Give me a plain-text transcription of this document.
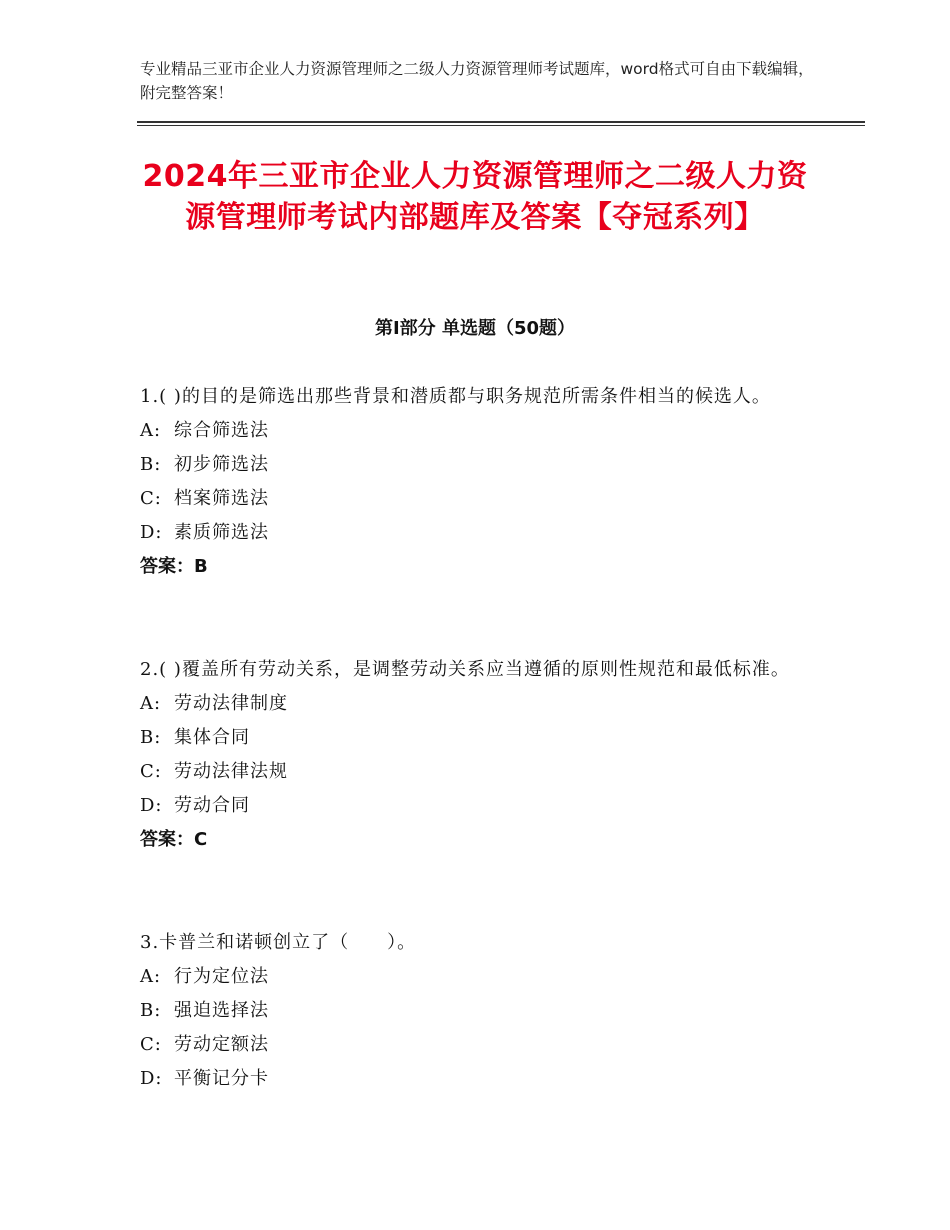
专业精品三亚市企业人力资源管理师之二级人力资源管理师考试题库，word格式可自由下载编辑，附完整答案！
2024年三亚市企业人力资源管理师之二级人力资源管理师考试内部题库及答案【夺冠系列】
第Ⅰ部分 单选题（50题）
1.( )的目的是筛选出那些背景和潜质都与职务规范所需条件相当的候选人。
A: 综合筛选法
B: 初步筛选法
C: 档案筛选法
D: 素质筛选法
答案：B
2.( )覆盖所有劳动关系，是调整劳动关系应当遵循的原则性规范和最低标准。
A: 劳动法律制度
B: 集体合同
C: 劳动法律法规
D: 劳动合同
答案：C
3.卡普兰和诺顿创立了（　　）。
A: 行为定位法
B: 强迫选择法
C: 劳动定额法
D: 平衡记分卡
